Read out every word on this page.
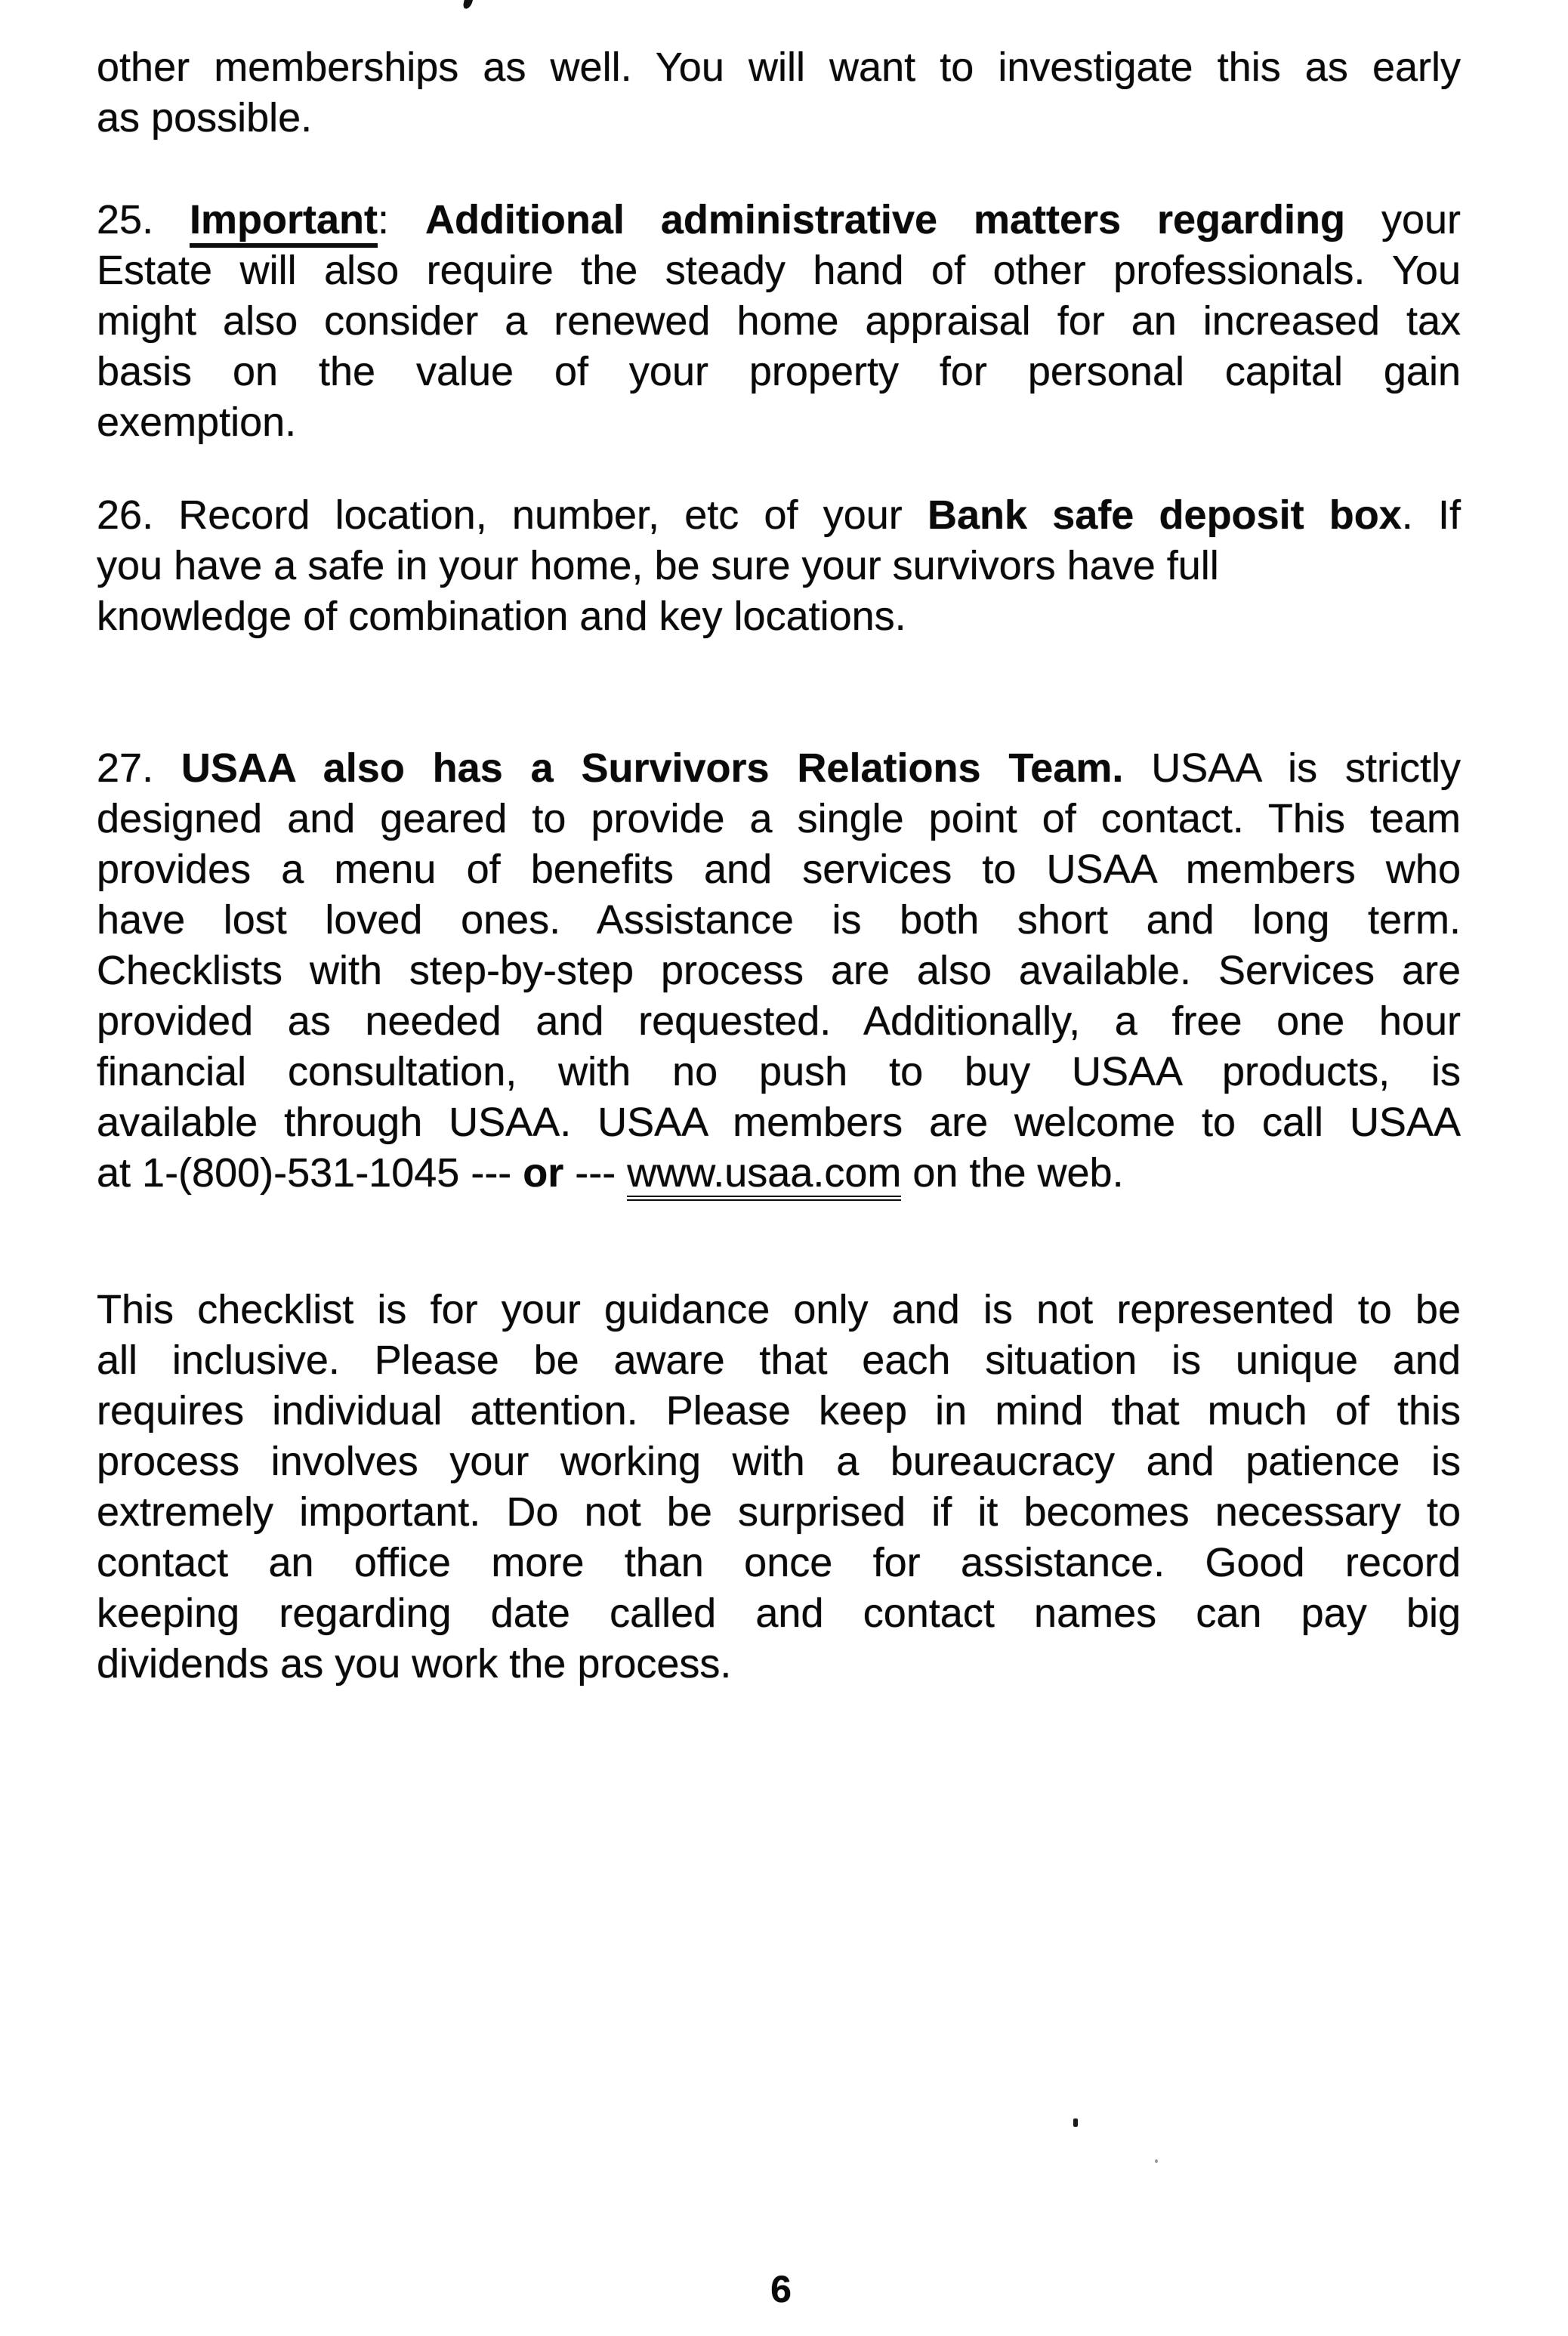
other memberships as well. You will want to investigate this as early
as possible.
25. Important: Additional administrative matters regarding your
Estate will also require the steady hand of other professionals. You
might also consider a renewed home appraisal for an increased tax
basis on the value of your property for personal capital gain
exemption.
26. Record location, number, etc of your Bank safe deposit box. If
you have a safe in your home, be sure your survivors have full
knowledge of combination and key locations.
27. USAA also has a Survivors Relations Team. USAA is strictly
designed and geared to provide a single point of contact. This team
provides a menu of benefits and services to USAA members who
have lost loved ones. Assistance is both short and long term.
Checklists with step-by-step process are also available. Services are
provided as needed and requested. Additionally, a free one hour
financial consultation, with no push to buy USAA products, is
available through USAA. USAA members are welcome to call USAA
at 1-(800)-531-1045 --- or --- www.usaa.com on the web.
This checklist is for your guidance only and is not represented to be
all inclusive. Please be aware that each situation is unique and
requires individual attention. Please keep in mind that much of this
process involves your working with a bureaucracy and patience is
extremely important. Do not be surprised if it becomes necessary to
contact an office more than once for assistance. Good record
keeping regarding date called and contact names can pay big
dividends as you work the process.
6
